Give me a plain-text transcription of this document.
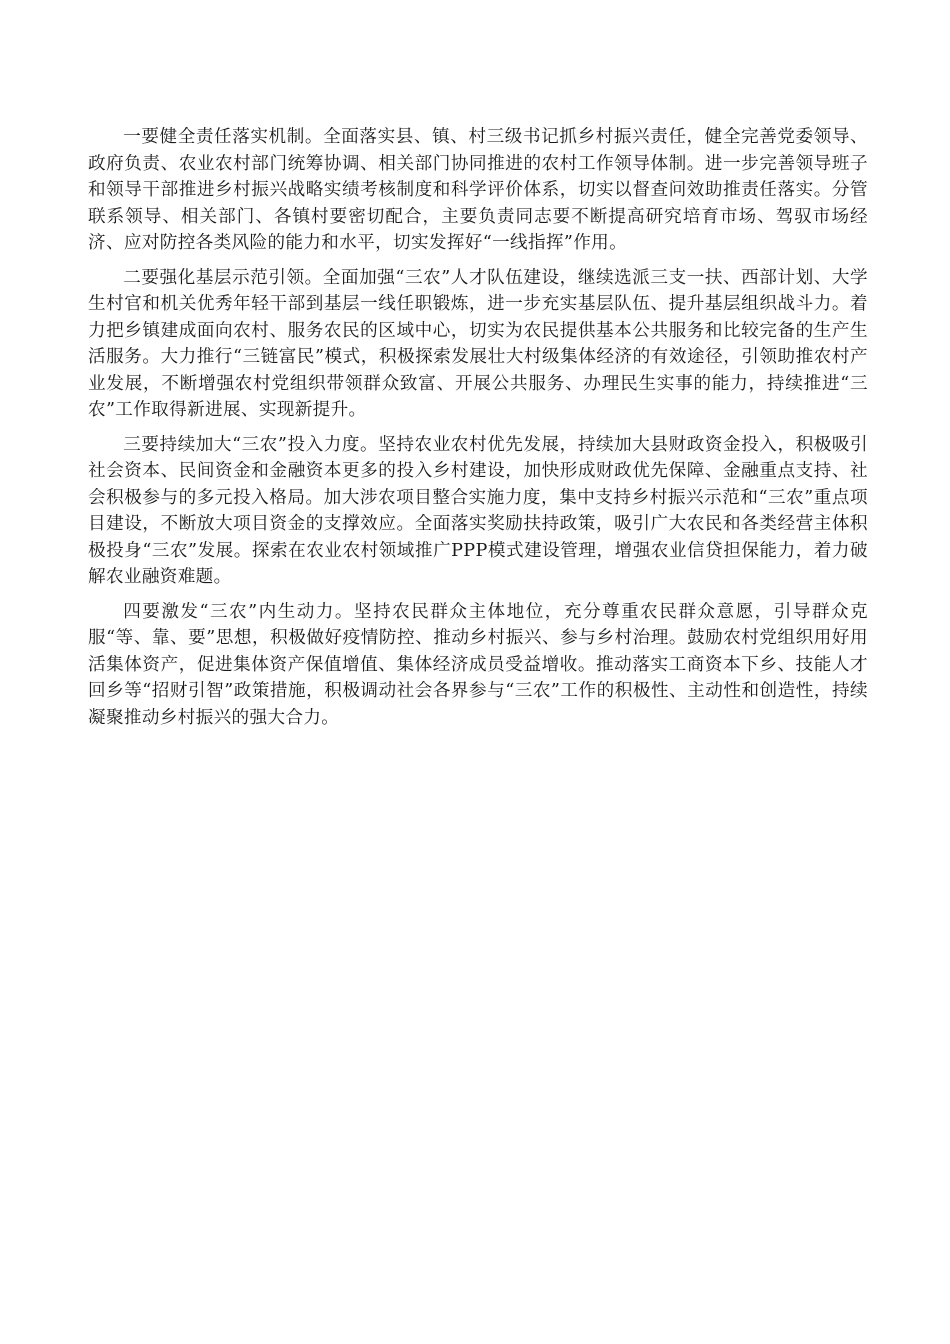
一要健全责任落实机制。全面落实县、镇、村三级书记抓乡村振兴责任，健全完善党委领导、政府负责、农业农村部门统筹协调、相关部门协同推进的农村工作领导体制。进一步完善领导班子和领导干部推进乡村振兴战略实绩考核制度和科学评价体系，切实以督查问效助推责任落实。分管联系领导、相关部门、各镇村要密切配合，主要负责同志要不断提高研究培育市场、驾驭市场经济、应对防控各类风险的能力和水平，切实发挥好“一线指挥”作用。

二要强化基层示范引领。全面加强“三农”人才队伍建设，继续选派三支一扶、西部计划、大学生村官和机关优秀年轻干部到基层一线任职锻炼，进一步充实基层队伍、提升基层组织战斗力。着力把乡镇建成面向农村、服务农民的区域中心，切实为农民提供基本公共服务和比较完备的生产生活服务。大力推行“三链富民”模式，积极探索发展壮大村级集体经济的有效途径，引领助推农村产业发展，不断增强农村党组织带领群众致富、开展公共服务、办理民生实事的能力，持续推进“三农”工作取得新进展、实现新提升。

三要持续加大“三农”投入力度。坚持农业农村优先发展，持续加大县财政资金投入，积极吸引社会资本、民间资金和金融资本更多的投入乡村建设，加快形成财政优先保障、金融重点支持、社会积极参与的多元投入格局。加大涉农项目整合实施力度，集中支持乡村振兴示范和“三农”重点项目建设，不断放大项目资金的支撑效应。全面落实奖励扶持政策，吸引广大农民和各类经营主体积极投身“三农”发展。探索在农业农村领域推广PPP模式建设管理，增强农业信贷担保能力，着力破解农业融资难题。

四要激发“三农”内生动力。坚持农民群众主体地位，充分尊重农民群众意愿，引导群众克服“等、靠、要”思想，积极做好疫情防控、推动乡村振兴、参与乡村治理。鼓励农村党组织用好用活集体资产，促进集体资产保值增值、集体经济成员受益增收。推动落实工商资本下乡、技能人才回乡等“招财引智”政策措施，积极调动社会各界参与“三农”工作的积极性、主动性和创造性，持续凝聚推动乡村振兴的强大合力。
